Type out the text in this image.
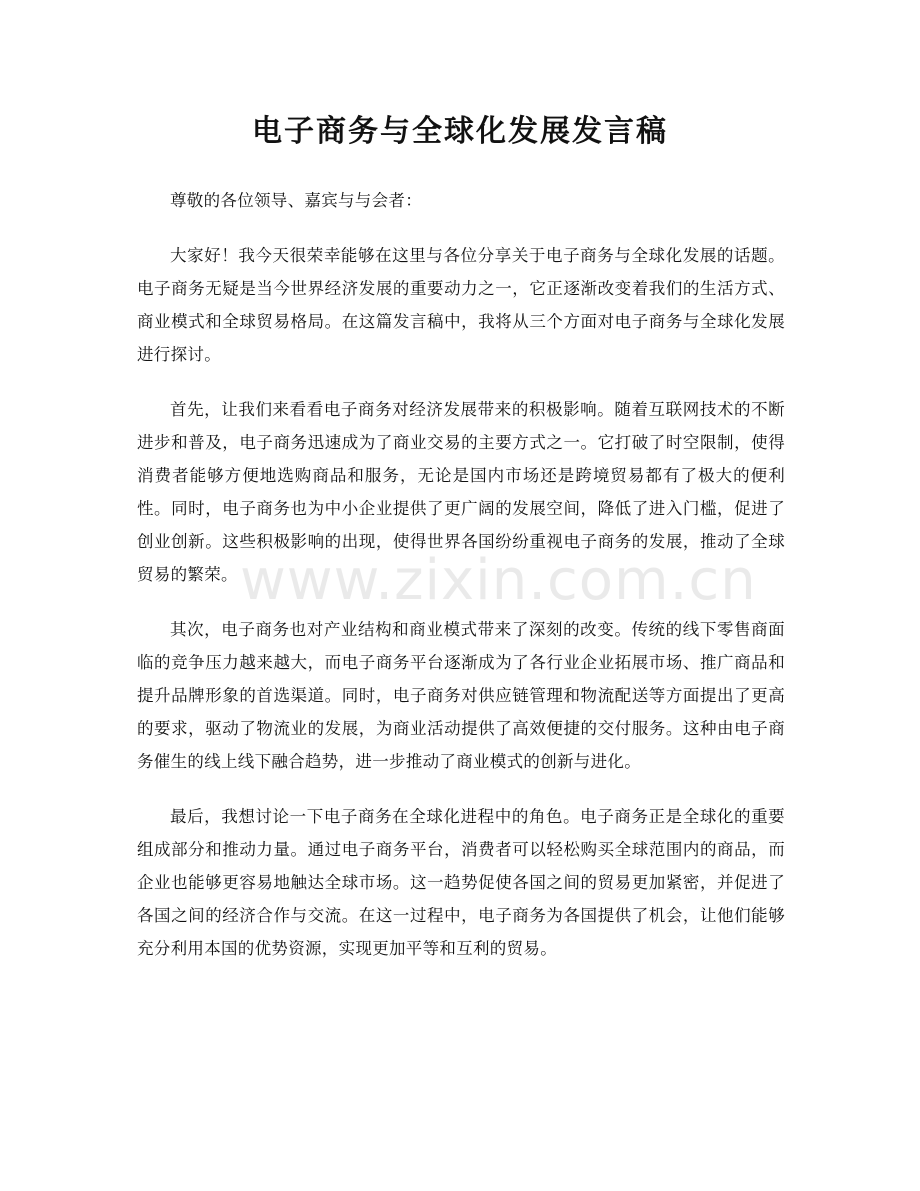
电子商务与全球化发展发言稿

尊敬的各位领导、嘉宾与与会者：

大家好！我今天很荣幸能够在这里与各位分享关于电子商务与全球化发展的话题。电子商务无疑是当今世界经济发展的重要动力之一，它正逐渐改变着我们的生活方式、商业模式和全球贸易格局。在这篇发言稿中，我将从三个方面对电子商务与全球化发展进行探讨。

首先，让我们来看看电子商务对经济发展带来的积极影响。随着互联网技术的不断进步和普及，电子商务迅速成为了商业交易的主要方式之一。它打破了时空限制，使得消费者能够方便地选购商品和服务，无论是国内市场还是跨境贸易都有了极大的便利性。同时，电子商务也为中小企业提供了更广阔的发展空间，降低了进入门槛，促进了创业创新。这些积极影响的出现，使得世界各国纷纷重视电子商务的发展，推动了全球贸易的繁荣。

其次，电子商务也对产业结构和商业模式带来了深刻的改变。传统的线下零售商面临的竞争压力越来越大，而电子商务平台逐渐成为了各行业企业拓展市场、推广商品和提升品牌形象的首选渠道。同时，电子商务对供应链管理和物流配送等方面提出了更高的要求，驱动了物流业的发展，为商业活动提供了高效便捷的交付服务。这种由电子商务催生的线上线下融合趋势，进一步推动了商业模式的创新与进化。

最后，我想讨论一下电子商务在全球化进程中的角色。电子商务正是全球化的重要组成部分和推动力量。通过电子商务平台，消费者可以轻松购买全球范围内的商品，而企业也能够更容易地触达全球市场。这一趋势促使各国之间的贸易更加紧密，并促进了各国之间的经济合作与交流。在这一过程中，电子商务为各国提供了机会，让他们能够充分利用本国的优势资源，实现更加平等和互利的贸易。

www.zixin.com.cn
